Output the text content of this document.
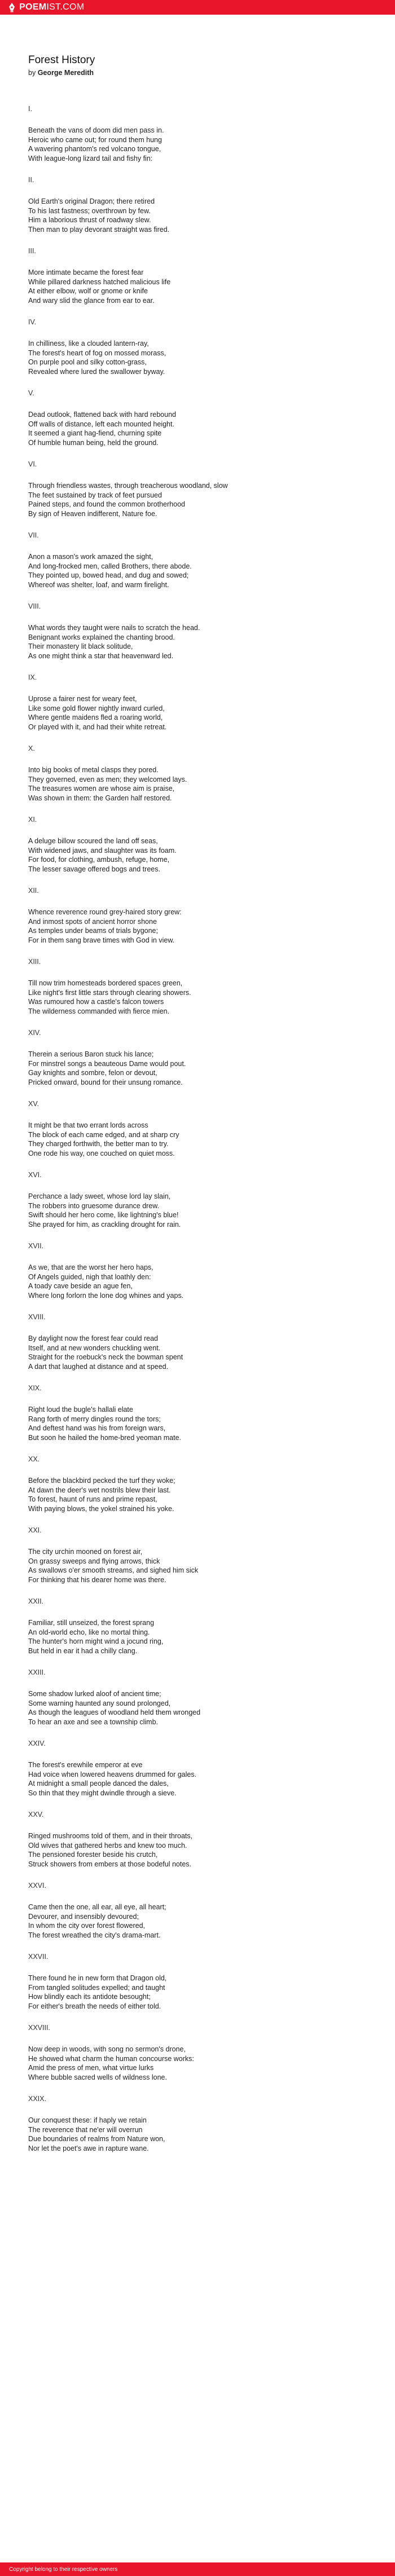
POEMIST.COM
Forest History
by George Meredith
I.
Beneath the vans of doom did men pass in.
Heroic who came out; for round them hung
A wavering phantom's red volcano tongue,
With league-long lizard tail and fishy fin:
II.
Old Earth's original Dragon; there retired
To his last fastness; overthrown by few.
Him a laborious thrust of roadway slew.
Then man to play devorant straight was fired.
III.
More intimate became the forest fear
While pillared darkness hatched malicious life
At either elbow, wolf or gnome or knife
And wary slid the glance from ear to ear.
IV.
In chilliness, like a clouded lantern-ray,
The forest's heart of fog on mossed morass,
On purple pool and silky cotton-grass,
Revealed where lured the swallower byway.
V.
Dead outlook, flattened back with hard rebound
Off walls of distance, left each mounted height.
It seemed a giant hag-fiend, churning spite
Of humble human being, held the ground.
VI.
Through friendless wastes, through treacherous woodland, slow
The feet sustained by track of feet pursued
Pained steps, and found the common brotherhood
By sign of Heaven indifferent, Nature foe.
VII.
Anon a mason's work amazed the sight,
And long-frocked men, called Brothers, there abode.
They pointed up, bowed head, and dug and sowed;
Whereof was shelter, loaf, and warm firelight.
VIII.
What words they taught were nails to scratch the head.
Benignant works explained the chanting brood.
Their monastery lit black solitude,
As one might think a star that heavenward led.
IX.
Uprose a fairer nest for weary feet,
Like some gold flower nightly inward curled,
Where gentle maidens fled a roaring world,
Or played with it, and had their white retreat.
X.
Into big books of metal clasps they pored.
They governed, even as men; they welcomed lays.
The treasures women are whose aim is praise,
Was shown in them: the Garden half restored.
XI.
A deluge billow scoured the land off seas,
With widened jaws, and slaughter was its foam.
For food, for clothing, ambush, refuge, home,
The lesser savage offered bogs and trees.
XII.
Whence reverence round grey-haired story grew:
And inmost spots of ancient horror shone
As temples under beams of trials bygone;
For in them sang brave times with God in view.
XIII.
Till now trim homesteads bordered spaces green,
Like night's first little stars through clearing showers.
Was rumoured how a castle's falcon towers
The wilderness commanded with fierce mien.
XIV.
Therein a serious Baron stuck his lance;
For minstrel songs a beauteous Dame would pout.
Gay knights and sombre, felon or devout,
Pricked onward, bound for their unsung romance.
XV.
It might be that two errant lords across
The block of each came edged, and at sharp cry
They charged forthwith, the better man to try.
One rode his way, one couched on quiet moss.
XVI.
Perchance a lady sweet, whose lord lay slain,
The robbers into gruesome durance drew.
Swift should her hero come, like lightning's blue!
She prayed for him, as crackling drought for rain.
XVII.
As we, that are the worst her hero haps,
Of Angels guided, nigh that loathly den:
A toady cave beside an ague fen,
Where long forlorn the lone dog whines and yaps.
XVIII.
By daylight now the forest fear could read
Itself, and at new wonders chuckling went.
Straight for the roebuck's neck the bowman spent
A dart that laughed at distance and at speed.
XIX.
Right loud the bugle's hallali elate
Rang forth of merry dingles round the tors;
And deftest hand was his from foreign wars,
But soon he hailed the home-bred yeoman mate.
XX.
Before the blackbird pecked the turf they woke;
At dawn the deer's wet nostrils blew their last.
To forest, haunt of runs and prime repast,
With paying blows, the yokel strained his yoke.
XXI.
The city urchin mooned on forest air,
On grassy sweeps and flying arrows, thick
As swallows o'er smooth streams, and sighed him sick
For thinking that his dearer home was there.
XXII.
Familiar, still unseized, the forest sprang
An old-world echo, like no mortal thing.
The hunter's horn might wind a jocund ring,
But held in ear it had a chilly clang.
XXIII.
Some shadow lurked aloof of ancient time;
Some warning haunted any sound prolonged,
As though the leagues of woodland held them wronged
To hear an axe and see a township climb.
XXIV.
The forest's erewhile emperor at eve
Had voice when lowered heavens drummed for gales.
At midnight a small people danced the dales,
So thin that they might dwindle through a sieve.
XXV.
Ringed mushrooms told of them, and in their throats,
Old wives that gathered herbs and knew too much.
The pensioned forester beside his crutch,
Struck showers from embers at those bodeful notes.
XXVI.
Came then the one, all ear, all eye, all heart;
Devourer, and insensibly devoured;
In whom the city over forest flowered,
The forest wreathed the city's drama-mart.
XXVII.
There found he in new form that Dragon old,
From tangled solitudes expelled; and taught
How blindly each its antidote besought;
For either's breath the needs of either told.
XXVIII.
Now deep in woods, with song no sermon's drone,
He showed what charm the human concourse works:
Amid the press of men, what virtue lurks
Where bubble sacred wells of wildness lone.
XXIX.
Our conquest these: if haply we retain
The reverence that ne'er will overrun
Due boundaries of realms from Nature won,
Nor let the poet's awe in rapture wane.
Copyright belong to their respective owners
